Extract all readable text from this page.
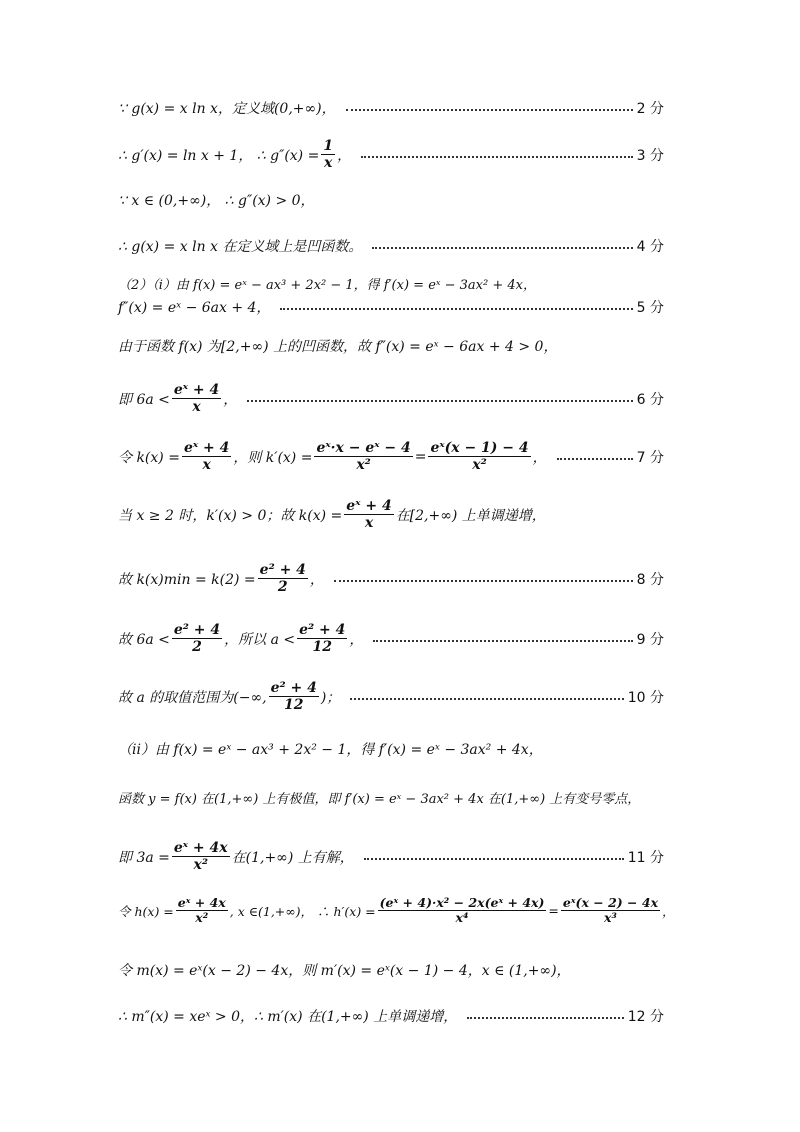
∵ g(x) = x ln x，定义域(0,+∞)，	2 分
∴ g′(x) = ln x + 1， ∴ $g''(x) = \frac{1}{x}$ ，	3 分
∵ x ∈ (0,+∞)， ∴ g″(x) > 0，
∴ g(x) = x ln x 在定义域上是凹函数。	4 分
（2）（i）由 f(x) = eˣ − ax³ + 2x² − 1，得 f′(x) = eˣ − 3ax² + 4x，
f″(x) = eˣ − 6ax + 4，	5 分
由于函数 f(x) 为[2,+∞) 上的凹函数，故 f″(x) = eˣ − 6ax + 4 > 0，
即 $6a < \frac{\text{eˣ + 4}}{x}$ ，	6 分
令 $k(x) = \frac{\text{eˣ + 4}}{x}$ ，则 $k'(x) = \frac{\text{eˣ·x − eˣ − 4}}{\text{x²}} = \frac{\text{eˣ(x − 1) − 4}}{\text{x²}}$ ，	7 分
当 x ≥ 2 时，k′(x) > 0；故 $k(x) = \frac{\text{eˣ + 4}}{x}$ 在[2,+∞) 上单调递增，
故 $k(x)\min = k(2) = \frac{\text{e² + 4}}{2}$ ，	8 分
故 $6a < \frac{\text{e² + 4}}{2}$ ，所以 $a < \frac{\text{e² + 4}}{12}$ ，	9 分
故 a 的取值范围为(−∞, $\frac{\text{e² + 4}}{12}$ )；	10 分
（ii）由 f(x) = eˣ − ax³ + 2x² − 1，得 f′(x) = eˣ − 3ax² + 4x，
函数 y = f(x) 在(1,+∞) 上有极值，即 f′(x) = eˣ − 3ax² + 4x 在(1,+∞) 上有变号零点，
即 $3a = \frac{\text{eˣ + 4x}}{\text{x²}}$ 在(1,+∞) 上有解，	11 分
令 $h(x) = \frac{\text{eˣ + 4x}}{\text{x²}}$ , x ∈(1,+∞)， ∴ $h'(x) = \frac{\text{(eˣ + 4)·x² − 2x(eˣ + 4x)}}{\text{x⁴}} = \frac{\text{eˣ(x − 2) − 4x}}{\text{x³}}$ ，
令 m(x) = eˣ(x − 2) − 4x，则 m′(x) = eˣ(x − 1) − 4，x ∈ (1,+∞)，
∴ m″(x) = xeˣ > 0，∴ m′(x) 在(1,+∞) 上单调递增，	12 分
